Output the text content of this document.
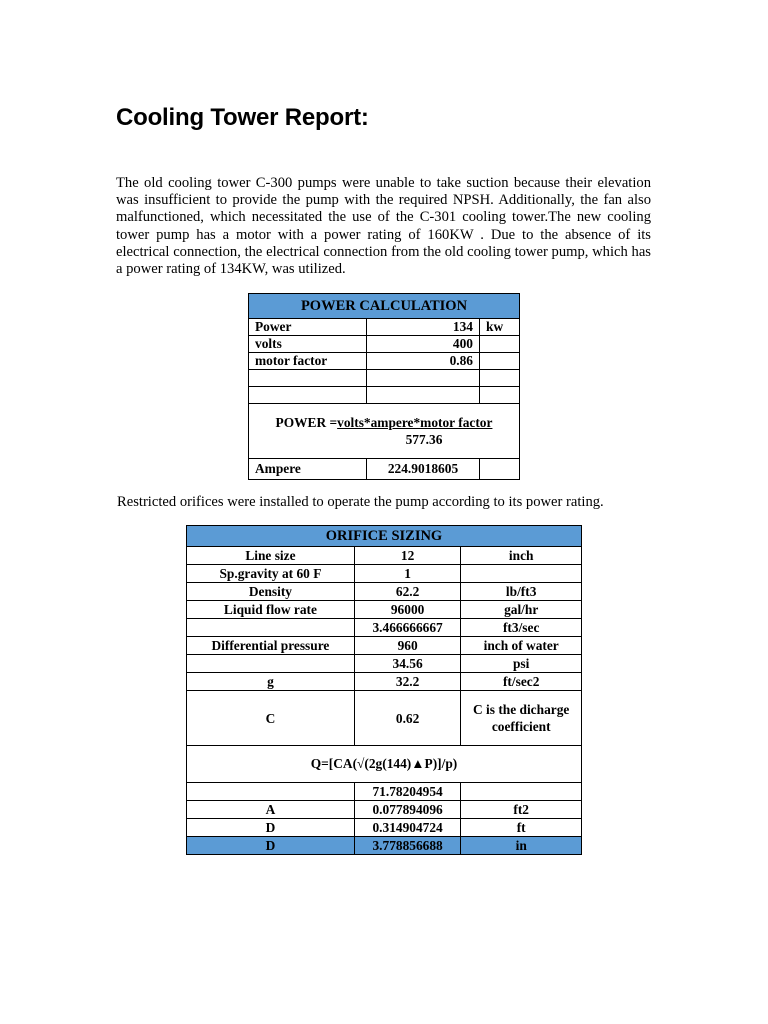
Cooling Tower Report:

The old cooling tower C-300 pumps were unable to take suction because their elevation was insufficient to provide the pump with the required NPSH. Additionally, the fan also malfunctioned, which necessitated the use of the C-301 cooling tower.The new cooling tower pump has a motor with a power rating of 160KW . Due to the absence of its electrical connection, the electrical connection from the old cooling tower pump, which has a power rating of 134KW, was utilized.

POWER CALCULATION		
Power	134	kw
volts	400	
motor factor	0.86	

POWER =volts*ampere*motor factor
577.36		

Ampere	224.9018605	

Restricted orifices were installed to operate the pump according to its power rating.

ORIFICE SIZING		
Line size	12	inch
Sp.gravity at 60 F	1	
Density	62.2	lb/ft3
Liquid flow rate	96000	gal/hr
	3.466666667	ft3/sec
Differential pressure	960	inch of water
	34.56	psi
g	32.2	ft/sec2
C	0.62	C is the dicharge coefficient
Q=[CA(√(2g(144)▲P)]/p)		
	71.78204954	
A	0.077894096	ft2
D	0.314904724	ft
D	3.778856688	in
